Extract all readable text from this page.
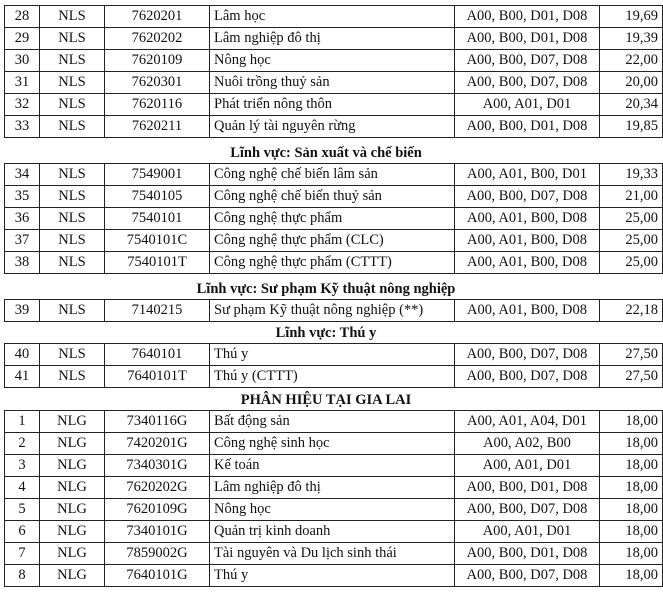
28	NLS	7620201	Lâm học	A00, B00, D01, D08	19,69
29	NLS	7620202	Lâm nghiệp đô thị	A00, B00, D01, D08	19,39
30	NLS	7620109	Nông học	A00, B00, D07, D08	22,00
31	NLS	7620301	Nuôi trồng thuỷ sản	A00, B00, D07, D08	20,00
32	NLS	7620116	Phát triển nông thôn	A00, A01, D01	20,34
33	NLS	7620211	Quản lý tài nguyên rừng	A00, B00, D01, D08	19,85
Lĩnh vực: Sản xuất và chế biến
34	NLS	7549001	Công nghệ chế biến lâm sản	A00, A01, B00, D01	19,33
35	NLS	7540105	Công nghệ chế biến thuỷ sản	A00, B00, D07, D08	21,00
36	NLS	7540101	Công nghệ thực phẩm	A00, A01, B00, D08	25,00
37	NLS	7540101C	Công nghệ thực phẩm (CLC)	A00, A01, B00, D08	25,00
38	NLS	7540101T	Công nghệ thực phẩm (CTTT)	A00, A01, B00, D08	25,00
Lĩnh vực: Sư phạm Kỹ thuật nông nghiệp
39	NLS	7140215	Sư phạm Kỹ thuật nông nghiệp (**)	A00, A01, B00, D08	22,18
Lĩnh vực: Thú y
40	NLS	7640101	Thú y	A00, B00, D07, D08	27,50
41	NLS	7640101T	Thú y (CTTT)	A00, B00, D07, D08	27,50
PHÂN HIỆU TẠI GIA LAI
1	NLG	7340116G	Bất động sản	A00, A01, A04, D01	18,00
2	NLG	7420201G	Công nghệ sinh học	A00, A02, B00	18,00
3	NLG	7340301G	Kế toán	A00, A01, D01	18,00
4	NLG	7620202G	Lâm nghiệp đô thị	A00, B00, D01, D08	18,00
5	NLG	7620109G	Nông học	A00, B00, D07, D08	18,00
6	NLG	7340101G	Quản trị kinh doanh	A00, A01, D01	18,00
7	NLG	7859002G	Tài nguyên và Du lịch sinh thái	A00, B00, D01, D08	18,00
8	NLG	7640101G	Thú y	A00, B00, D07, D08	18,00
